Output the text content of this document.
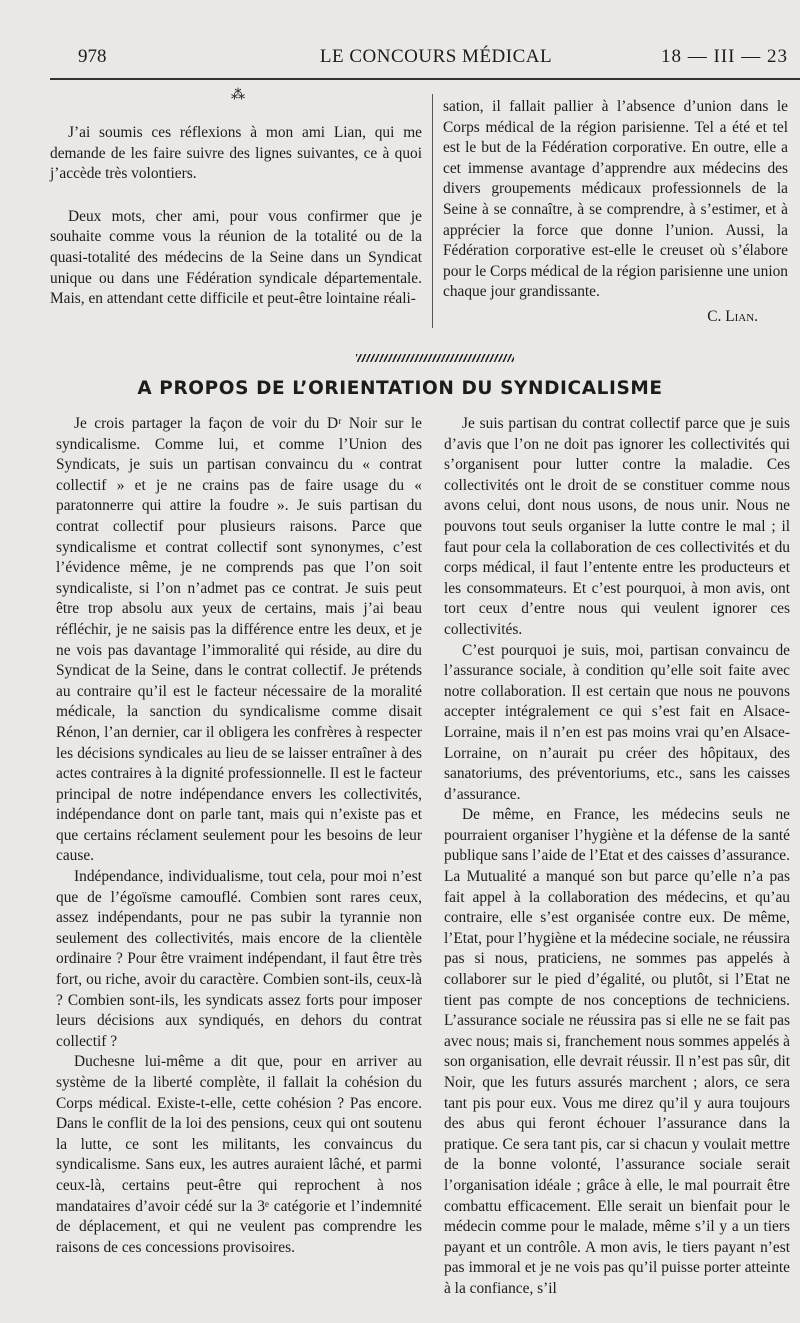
978	LE CONCOURS MÉDICAL	18 — III — 23
⁂

J’ai soumis ces réflexions à mon ami Lian, qui me demande de les faire suivre des lignes suivantes, ce à quoi j’accède très volontiers.

Deux mots, cher ami, pour vous confirmer que je souhaite comme vous la réunion de la totalité ou de la quasi-totalité des médecins de la Seine dans un Syndicat unique ou dans une Fédération syndicale départementale. Mais, en attendant cette difficile et peut-être lointaine réali-

sation, il fallait pallier à l’absence d’union dans le Corps médical de la région parisienne. Tel a été et tel est le but de la Fédération corporative. En outre, elle a cet immense avantage d’apprendre aux médecins des divers groupements médicaux professionnels de la Seine à se connaître, à se comprendre, à s’estimer, et à apprécier la force que donne l’union. Aussi, la Fédération corporative est-elle le creuset où s’élabore pour le Corps médical de la région parisienne une union chaque jour grandissante.

C. Lian.
A PROPOS DE L’ORIENTATION DU SYNDICALISME

Je crois partager la façon de voir du Dʳ Noir sur le syndicalisme. Comme lui, et comme l’Union des Syndicats, je suis un partisan convaincu du « contrat collectif » et je ne crains pas de faire usage du « paratonnerre qui attire la foudre ». Je suis partisan du contrat collectif pour plusieurs raisons. Parce que syndicalisme et contrat collectif sont synonymes, c’est l’évidence même, je ne comprends pas que l’on soit syndicaliste, si l’on n’admet pas ce contrat. Je suis peut être trop absolu aux yeux de certains, mais j’ai beau réfléchir, je ne saisis pas la différence entre les deux, et je ne vois pas davantage l’immoralité qui réside, au dire du Syndicat de la Seine, dans le contrat collectif. Je prétends au contraire qu’il est le facteur nécessaire de la moralité médicale, la sanction du syndicalisme comme disait Rénon, l’an dernier, car il obligera les confrères à respecter les décisions syndicales au lieu de se laisser entraîner à des actes contraires à la dignité professionnelle. Il est le facteur principal de notre indépendance envers les collectivités, indépendance dont on parle tant, mais qui n’existe pas et que certains réclament seulement pour les besoins de leur cause.

Indépendance, individualisme, tout cela, pour moi n’est que de l’égoïsme camouflé. Combien sont rares ceux, assez indépendants, pour ne pas subir la tyrannie non seulement des collectivités, mais encore de la clientèle ordinaire ? Pour être vraiment indépendant, il faut être très fort, ou riche, avoir du caractère. Combien sont-ils, ceux-là ? Combien sont-ils, les syndicats assez forts pour imposer leurs décisions aux syndiqués, en dehors du contrat collectif ?

Duchesne lui-même a dit que, pour en arriver au système de la liberté complète, il fallait la cohésion du Corps médical. Existe-t-elle, cette cohésion ? Pas encore. Dans le conflit de la loi des pensions, ceux qui ont soutenu la lutte, ce sont les militants, les convaincus du syndicalisme. Sans eux, les autres auraient lâché, et parmi ceux-là, certains peut-être qui reprochent à nos mandataires d’avoir cédé sur la 3ᵉ catégorie et l’indemnité de déplacement, et qui ne veulent pas comprendre les raisons de ces concessions provisoires.

Je suis partisan du contrat collectif parce que je suis d’avis que l’on ne doit pas ignorer les collectivités qui s’organisent pour lutter contre la maladie. Ces collectivités ont le droit de se constituer comme nous avons celui, dont nous usons, de nous unir. Nous ne pouvons tout seuls organiser la lutte contre le mal ; il faut pour cela la collaboration de ces collectivités et du corps médical, il faut l’entente entre les producteurs et les consommateurs. Et c’est pourquoi, à mon avis, ont tort ceux d’entre nous qui veulent ignorer ces collectivités.

C’est pourquoi je suis, moi, partisan convaincu de l’assurance sociale, à condition qu’elle soit faite avec notre collaboration. Il est certain que nous ne pouvons accepter intégralement ce qui s’est fait en Alsace-Lorraine, mais il n’en est pas moins vrai qu’en Alsace-Lorraine, on n’aurait pu créer des hôpitaux, des sanatoriums, des préventoriums, etc., sans les caisses d’assurance.

De même, en France, les médecins seuls ne pourraient organiser l’hygiène et la défense de la santé publique sans l’aide de l’Etat et des caisses d’assurance. La Mutualité a manqué son but parce qu’elle n’a pas fait appel à la collaboration des médecins, et qu’au contraire, elle s’est organisée contre eux. De même, l’Etat, pour l’hygiène et la médecine sociale, ne réussira pas si nous, praticiens, ne sommes pas appelés à collaborer sur le pied d’égalité, ou plutôt, si l’Etat ne tient pas compte de nos conceptions de techniciens. L’assurance sociale ne réussira pas si elle ne se fait pas avec nous; mais si, franchement nous sommes appelés à son organisation, elle devrait réussir. Il n’est pas sûr, dit Noir, que les futurs assurés marchent ; alors, ce sera tant pis pour eux. Vous me direz qu’il y aura toujours des abus qui feront échouer l’assurance dans la pratique. Ce sera tant pis, car si chacun y voulait mettre de la bonne volonté, l’assurance sociale serait l’organisation idéale ; grâce à elle, le mal pourrait être combattu efficacement. Elle serait un bienfait pour le médecin comme pour le malade, même s’il y a un tiers payant et un contrôle. A mon avis, le tiers payant n’est pas immoral et je ne vois pas qu’il puisse porter atteinte à la confiance, s’il
